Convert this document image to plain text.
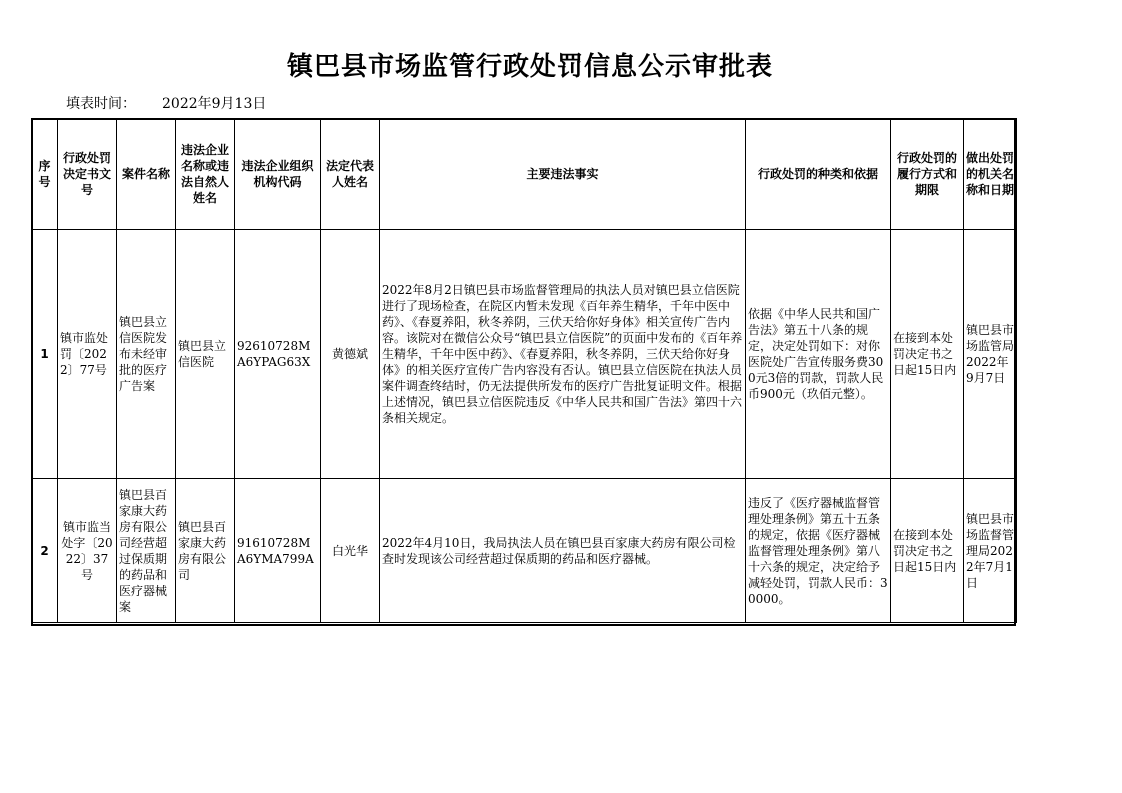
镇巴县市场监管行政处罚信息公示审批表
填表时间： 2022年9月13日
序号	行政处罚决定书文号	案件名称	违法企业名称或违法自然人姓名	违法企业组织机构代码	法定代表人姓名	主要违法事实	行政处罚的种类和依据	行政处罚的履行方式和期限	做出处罚的机关名称和日期
1	镇市监处罚〔2022〕77号	镇巴县立信医院发布未经审批的医疗广告案	镇巴县立信医院	92610728MA6YPAG63X	黄德斌	2022年8月2日镇巴县市场监督管理局的执法人员对镇巴县立信医院进行了现场检查，在院区内暂未发现《百年养生精华，千年中医中药》、《春夏养阳，秋冬养阴，三伏天给你好身体》相关宣传广告内容。该院对在微信公众号“镇巴县立信医院”的页面中发布的《百年养生精华，千年中医中药》、《春夏养阳，秋冬养阴，三伏天给你好身体》的相关医疗宣传广告内容没有否认。镇巴县立信医院在执法人员案件调查终结时，仍无法提供所发布的医疗广告批复证明文件。根据上述情况，镇巴县立信医院违反《中华人民共和国广告法》第四十六条相关规定。	依据《中华人民共和国广告法》第五十八条的规定，决定处罚如下：对你医院处广告宣传服务费300元3倍的罚款，罚款人民币900元（玖佰元整）。	在接到本处罚决定书之日起15日内	镇巴县市场监管局2022年9月7日
2	镇市监当处字〔2022〕37号	镇巴县百家康大药房有限公司经营超过保质期的药品和医疗器械案	镇巴县百家康大药房有限公司	91610728MA6YMA799A	白光华	2022年4月10日，我局执法人员在镇巴县百家康大药房有限公司检查时发现该公司经营超过保质期的药品和医疗器械。	违反了《医疗器械监督管理处理条例》第五十五条的规定，依据《医疗器械监督管理处理条例》第八十六条的规定，决定给予减轻处罚，罚款人民币：30000。	在接到本处罚决定书之日起15日内	镇巴县市场监督管理局2022年7月1日
